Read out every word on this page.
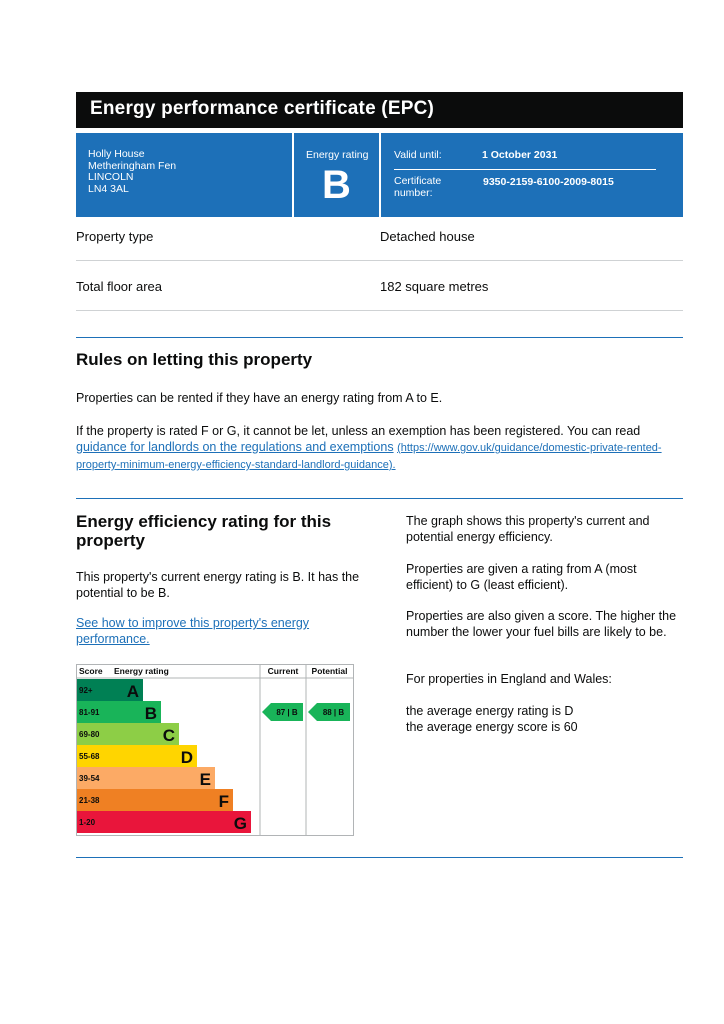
Energy performance certificate (EPC)
Holly House
Metheringham Fen
LINCOLN
LN4 3AL
Energy rating
B
Valid until:	1 October 2031
Certificate
number:
9350-2159-6100-2009-8015
Property type	Detached house
Total floor area	182 square metres
Rules on letting this property
Properties can be rented if they have an energy rating from A to E.
If the property is rated F or G, it cannot be let, unless an exemption has been registered. You can read guidance for landlords on the regulations and exemptions (https://www.gov.uk/guidance/domestic-private-rented-property-minimum-energy-efficiency-standard-landlord-guidance).
Energy efficiency rating for this property
This property's current energy rating is B. It has the potential to be B.
See how to improve this property's energy performance.
The graph shows this property's current and potential energy efficiency.
Properties are given a rating from A (most efficient) to G (least efficient).
Properties are also given a score. The higher the number the lower your fuel bills are likely to be.
For properties in England and Wales:
the average energy rating is D
the average energy score is 60
Score Energy rating	Current Potential
92+ A
81-91	B
69-80	C
55-68	D
39-54	E
21-38	F
1-20	G
87 | B	88 | B
